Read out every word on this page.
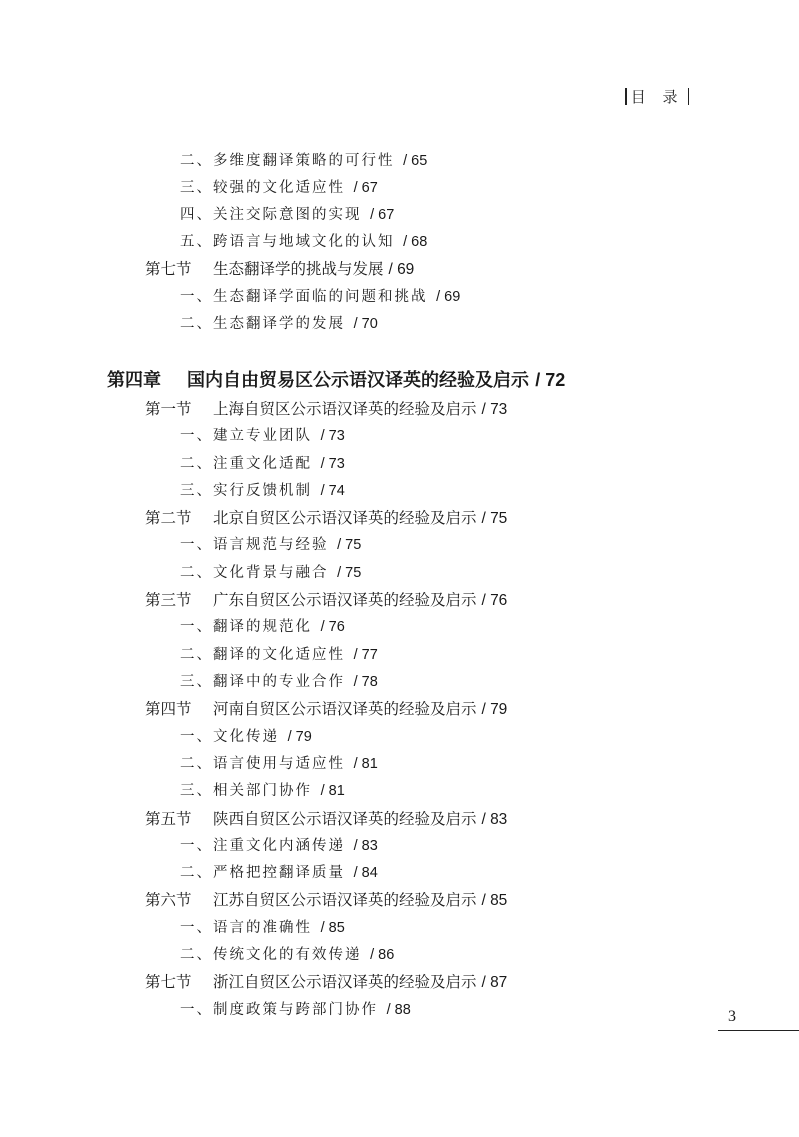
目 录
二、多维度翻译策略的可行性 / 65
三、较强的文化适应性 / 67
四、关注交际意图的实现 / 67
五、跨语言与地域文化的认知 / 68
第七节 生态翻译学的挑战与发展 / 69
一、生态翻译学面临的问题和挑战 / 69
二、生态翻译学的发展 / 70
第四章 国内自由贸易区公示语汉译英的经验及启示 / 72
第一节 上海自贸区公示语汉译英的经验及启示 / 73
一、建立专业团队 / 73
二、注重文化适配 / 73
三、实行反馈机制 / 74
第二节 北京自贸区公示语汉译英的经验及启示 / 75
一、语言规范与经验 / 75
二、文化背景与融合 / 75
第三节 广东自贸区公示语汉译英的经验及启示 / 76
一、翻译的规范化 / 76
二、翻译的文化适应性 / 77
三、翻译中的专业合作 / 78
第四节 河南自贸区公示语汉译英的经验及启示 / 79
一、文化传递 / 79
二、语言使用与适应性 / 81
三、相关部门协作 / 81
第五节 陕西自贸区公示语汉译英的经验及启示 / 83
一、注重文化内涵传递 / 83
二、严格把控翻译质量 / 84
第六节 江苏自贸区公示语汉译英的经验及启示 / 85
一、语言的准确性 / 85
二、传统文化的有效传递 / 86
第七节 浙江自贸区公示语汉译英的经验及启示 / 87
一、制度政策与跨部门协作 / 88	3
